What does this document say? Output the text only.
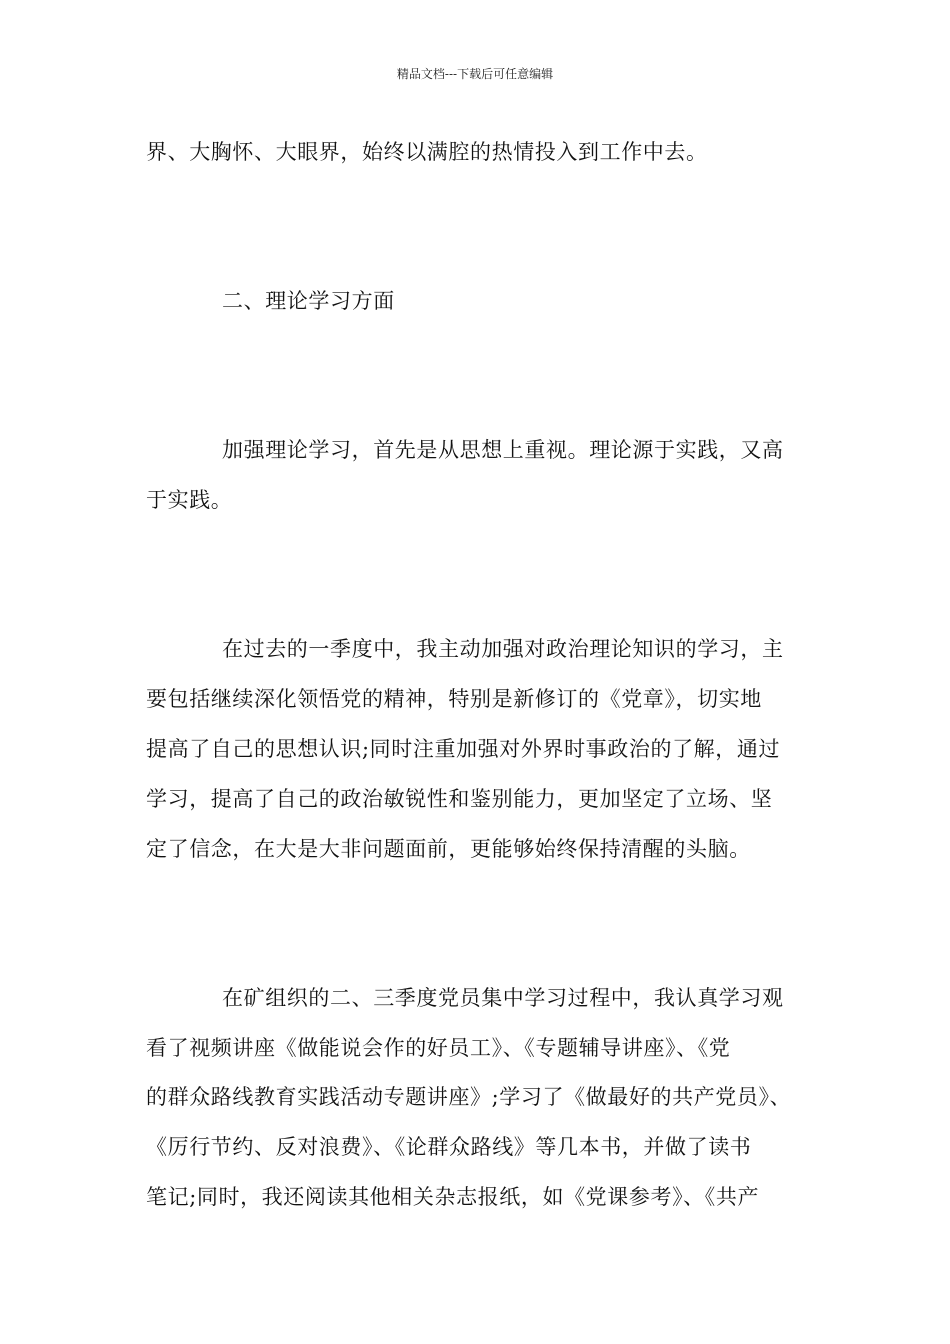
精品文档---下载后可任意编辑
界、大胸怀、大眼界，始终以满腔的热情投入到工作中去。
二、理论学习方面
加强理论学习，首先是从思想上重视。理论源于实践，又高
于实践。
在过去的一季度中，我主动加强对政治理论知识的学习，主
要包括继续深化领悟党的精神，特别是新修订的《党章》，切实地
提高了自己的思想认识;同时注重加强对外界时事政治的了解，通过
学习，提高了自己的政治敏锐性和鉴别能力，更加坚定了立场、坚
定了信念，在大是大非问题面前，更能够始终保持清醒的头脑。
在矿组织的二、三季度党员集中学习过程中，我认真学习观
看了视频讲座《做能说会作的好员工》、《专题辅导讲座》、《党
的群众路线教育实践活动专题讲座》;学习了《做最好的共产党员》、
《厉行节约、反对浪费》、《论群众路线》等几本书，并做了读书
笔记;同时，我还阅读其他相关杂志报纸，如《党课参考》、《共产
